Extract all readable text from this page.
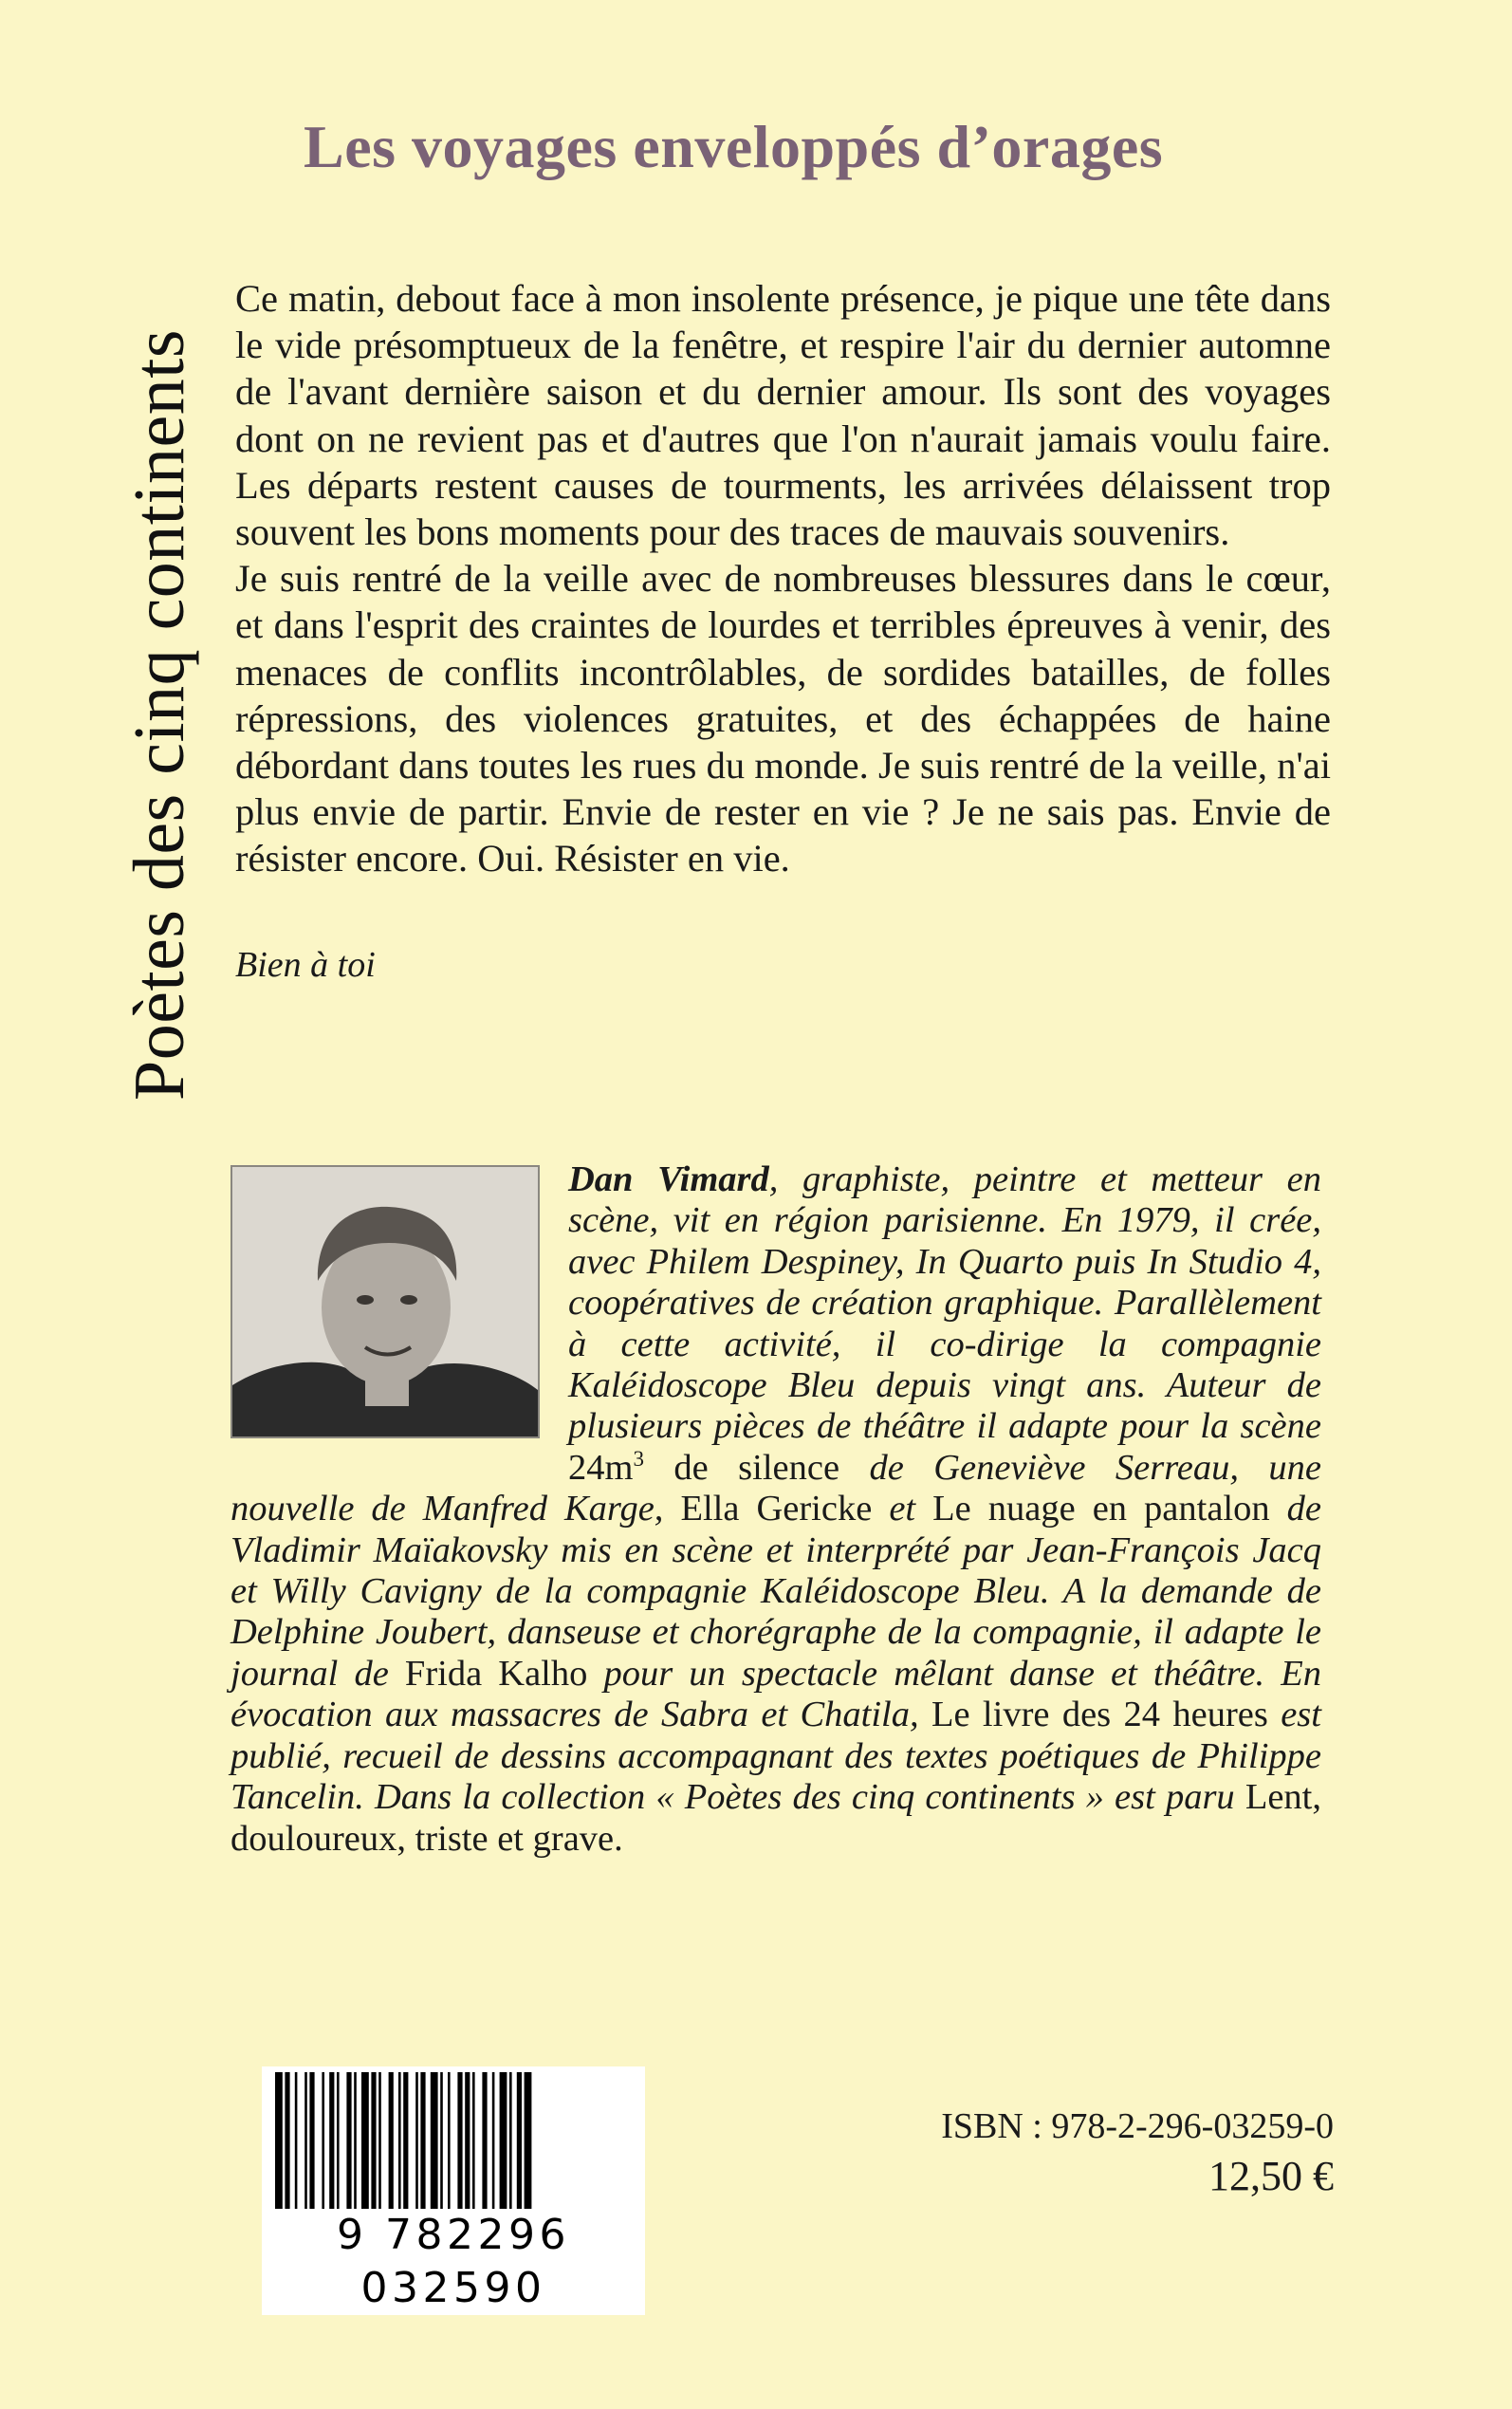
Poètes des cinq continents
Les voyages enveloppés d’orages

Ce matin, debout face à mon insolente présence, je pique une tête dans le vide présomptueux de la fenêtre, et respire l'air du dernier automne de l'avant dernière saison et du dernier amour. Ils sont des voyages dont on ne revient pas et d'autres que l'on n'aurait jamais voulu faire. Les départs restent causes de tourments, les arrivées délaissent trop souvent les bons moments pour des traces de mauvais souvenirs.

Je suis rentré de la veille avec de nombreuses blessures dans le cœur, et dans l'esprit des craintes de lourdes et terribles épreuves à venir, des menaces de conflits incontrôlables, de sordides batailles, de folles répressions, des violences gratuites, et des échappées de haine débordant dans toutes les rues du monde. Je suis rentré de la veille, n'ai plus envie de partir. Envie de rester en vie ? Je ne sais pas. Envie de résister encore. Oui. Résister en vie.

Bien à toi
Dan Vimard, graphiste, peintre et metteur en scène, vit en région parisienne. En 1979, il crée, avec Philem Despiney, In Quarto puis In Studio 4, coopératives de création graphique. Parallèlement à cette activité, il co-dirige la compagnie Kaléidoscope Bleu depuis vingt ans. Auteur de plusieurs pièces de théâtre il adapte pour la scène $24m^3$ de silence de Geneviève Serreau, une nouvelle de Manfred Karge, Ella Gericke et Le nuage en pantalon de Vladimir Maïakovsky mis en scène et interprété par Jean-François Jacq et Willy Cavigny de la compagnie Kaléidoscope Bleu. A la demande de Delphine Joubert, danseuse et chorégraphe de la compagnie, il adapte le journal de Frida Kalho pour un spectacle mêlant danse et théâtre. En évocation aux massacres de Sabra et Chatila, Le livre des 24 heures est publié, recueil de dessins accompagnant des textes poétiques de Philippe Tancelin. Dans la collection « Poètes des cinq continents » est paru Lent, douloureux, triste et grave.
9 782296 032590
ISBN : 978-2-296-03259-0
12,50 €
